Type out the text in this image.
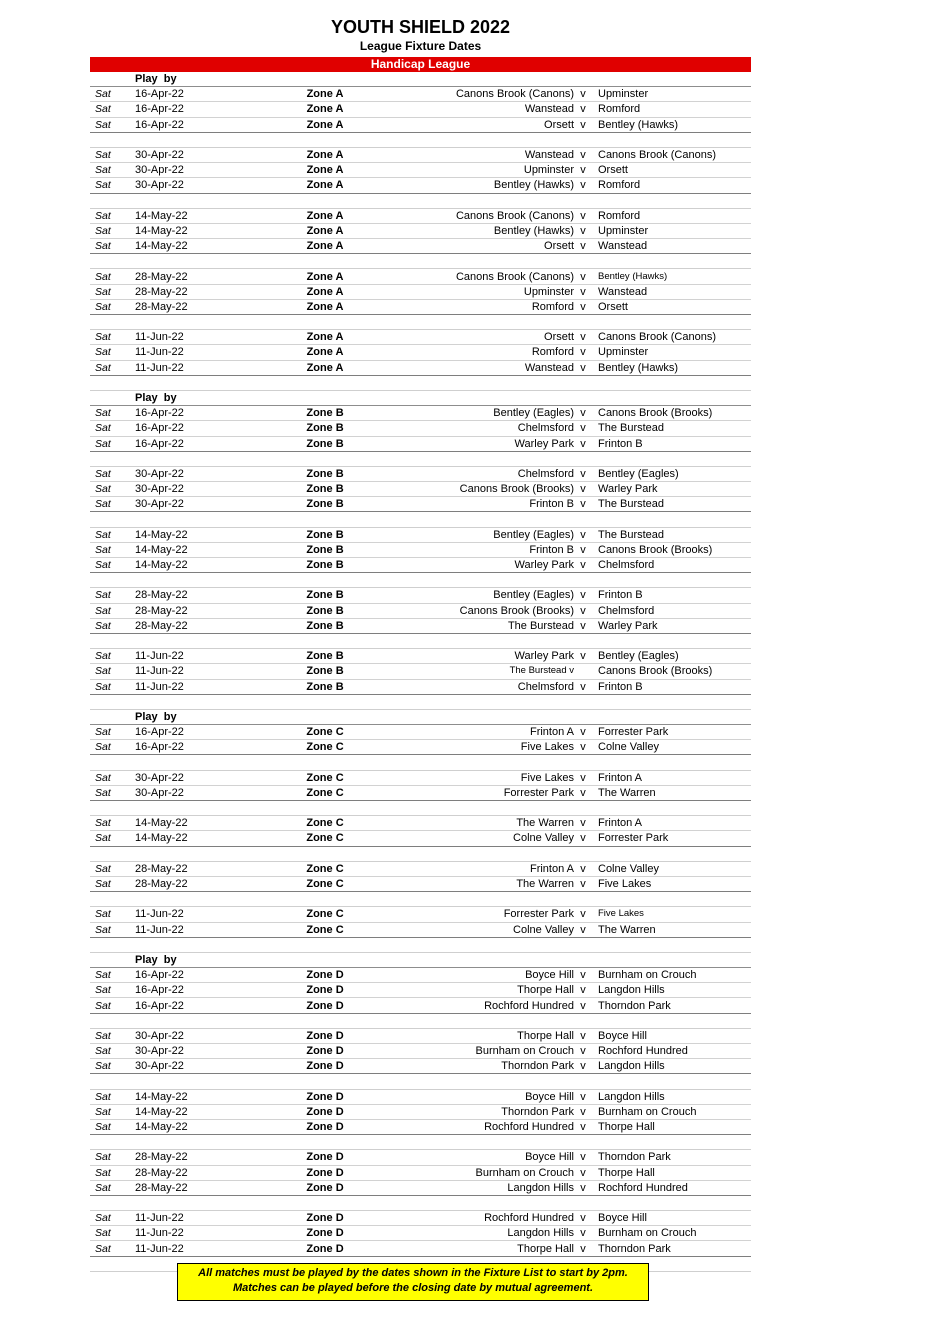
YOUTH SHIELD 2022
League Fixture Dates
Handicap League
Play  by
Sat	16-Apr-22	Zone A	Canons Brook (Canons) v	Upminster
Sat	16-Apr-22	Zone A	Wanstead v	Romford
Sat	16-Apr-22	Zone A	Orsett v	Bentley (Hawks)
Sat	30-Apr-22	Zone A	Wanstead v	Canons Brook (Canons)
Sat	30-Apr-22	Zone A	Upminster v	Orsett
Sat	30-Apr-22	Zone A	Bentley (Hawks) v	Romford
Sat	14-May-22	Zone A	Canons Brook (Canons) v	Romford
Sat	14-May-22	Zone A	Bentley (Hawks) v	Upminster
Sat	14-May-22	Zone A	Orsett v	Wanstead
Sat	28-May-22	Zone A	Canons Brook (Canons) v	Bentley (Hawks)
Sat	28-May-22	Zone A	Upminster v	Wanstead
Sat	28-May-22	Zone A	Romford v	Orsett
Sat	11-Jun-22	Zone A	Orsett v	Canons Brook (Canons)
Sat	11-Jun-22	Zone A	Romford v	Upminster
Sat	11-Jun-22	Zone A	Wanstead v	Bentley (Hawks)
Play  by
Sat	16-Apr-22	Zone B	Bentley (Eagles) v	Canons Brook (Brooks)
Sat	16-Apr-22	Zone B	Chelmsford v	The Burstead
Sat	16-Apr-22	Zone B	Warley Park v	Frinton B
Sat	30-Apr-22	Zone B	Chelmsford v	Bentley (Eagles)
Sat	30-Apr-22	Zone B	Canons Brook (Brooks) v	Warley Park
Sat	30-Apr-22	Zone B	Frinton B v	The Burstead
Sat	14-May-22	Zone B	Bentley (Eagles) v	The Burstead
Sat	14-May-22	Zone B	Frinton B v	Canons Brook (Brooks)
Sat	14-May-22	Zone B	Warley Park v	Chelmsford
Sat	28-May-22	Zone B	Bentley (Eagles) v	Frinton B
Sat	28-May-22	Zone B	Canons Brook (Brooks) v	Chelmsford
Sat	28-May-22	Zone B	The Burstead v	Warley Park
Sat	11-Jun-22	Zone B	Warley Park v	Bentley (Eagles)
Sat	11-Jun-22	Zone B	The Burstead v	Canons Brook (Brooks)
Sat	11-Jun-22	Zone B	Chelmsford v	Frinton B
Play  by
Sat	16-Apr-22	Zone C	Frinton A v	Forrester Park
Sat	16-Apr-22	Zone C	Five Lakes v	Colne Valley
Sat	30-Apr-22	Zone C	Five Lakes v	Frinton A
Sat	30-Apr-22	Zone C	Forrester Park v	The Warren
Sat	14-May-22	Zone C	The Warren v	Frinton A
Sat	14-May-22	Zone C	Colne Valley v	Forrester Park
Sat	28-May-22	Zone C	Frinton A v	Colne Valley
Sat	28-May-22	Zone C	The Warren v	Five Lakes
Sat	11-Jun-22	Zone C	Forrester Park v	Five Lakes
Sat	11-Jun-22	Zone C	Colne Valley v	The Warren
Play  by
Sat	16-Apr-22	Zone D	Boyce Hill v	Burnham on Crouch
Sat	16-Apr-22	Zone D	Thorpe Hall v	Langdon Hills
Sat	16-Apr-22	Zone D	Rochford Hundred v	Thorndon Park
Sat	30-Apr-22	Zone D	Thorpe Hall v	Boyce Hill
Sat	30-Apr-22	Zone D	Burnham on Crouch v	Rochford Hundred
Sat	30-Apr-22	Zone D	Thorndon Park v	Langdon Hills
Sat	14-May-22	Zone D	Boyce Hill v	Langdon Hills
Sat	14-May-22	Zone D	Thorndon Park v	Burnham on Crouch
Sat	14-May-22	Zone D	Rochford Hundred v	Thorpe Hall
Sat	28-May-22	Zone D	Boyce Hill v	Thorndon Park
Sat	28-May-22	Zone D	Burnham on Crouch v	Thorpe Hall
Sat	28-May-22	Zone D	Langdon Hills v	Rochford Hundred
Sat	11-Jun-22	Zone D	Rochford Hundred v	Boyce Hill
Sat	11-Jun-22	Zone D	Langdon Hills v	Burnham on Crouch
Sat	11-Jun-22	Zone D	Thorpe Hall v	Thorndon Park
All matches must be played by the dates shown in the Fixture List to start by 2pm.
Matches can be played before the closing date by mutual agreement.
